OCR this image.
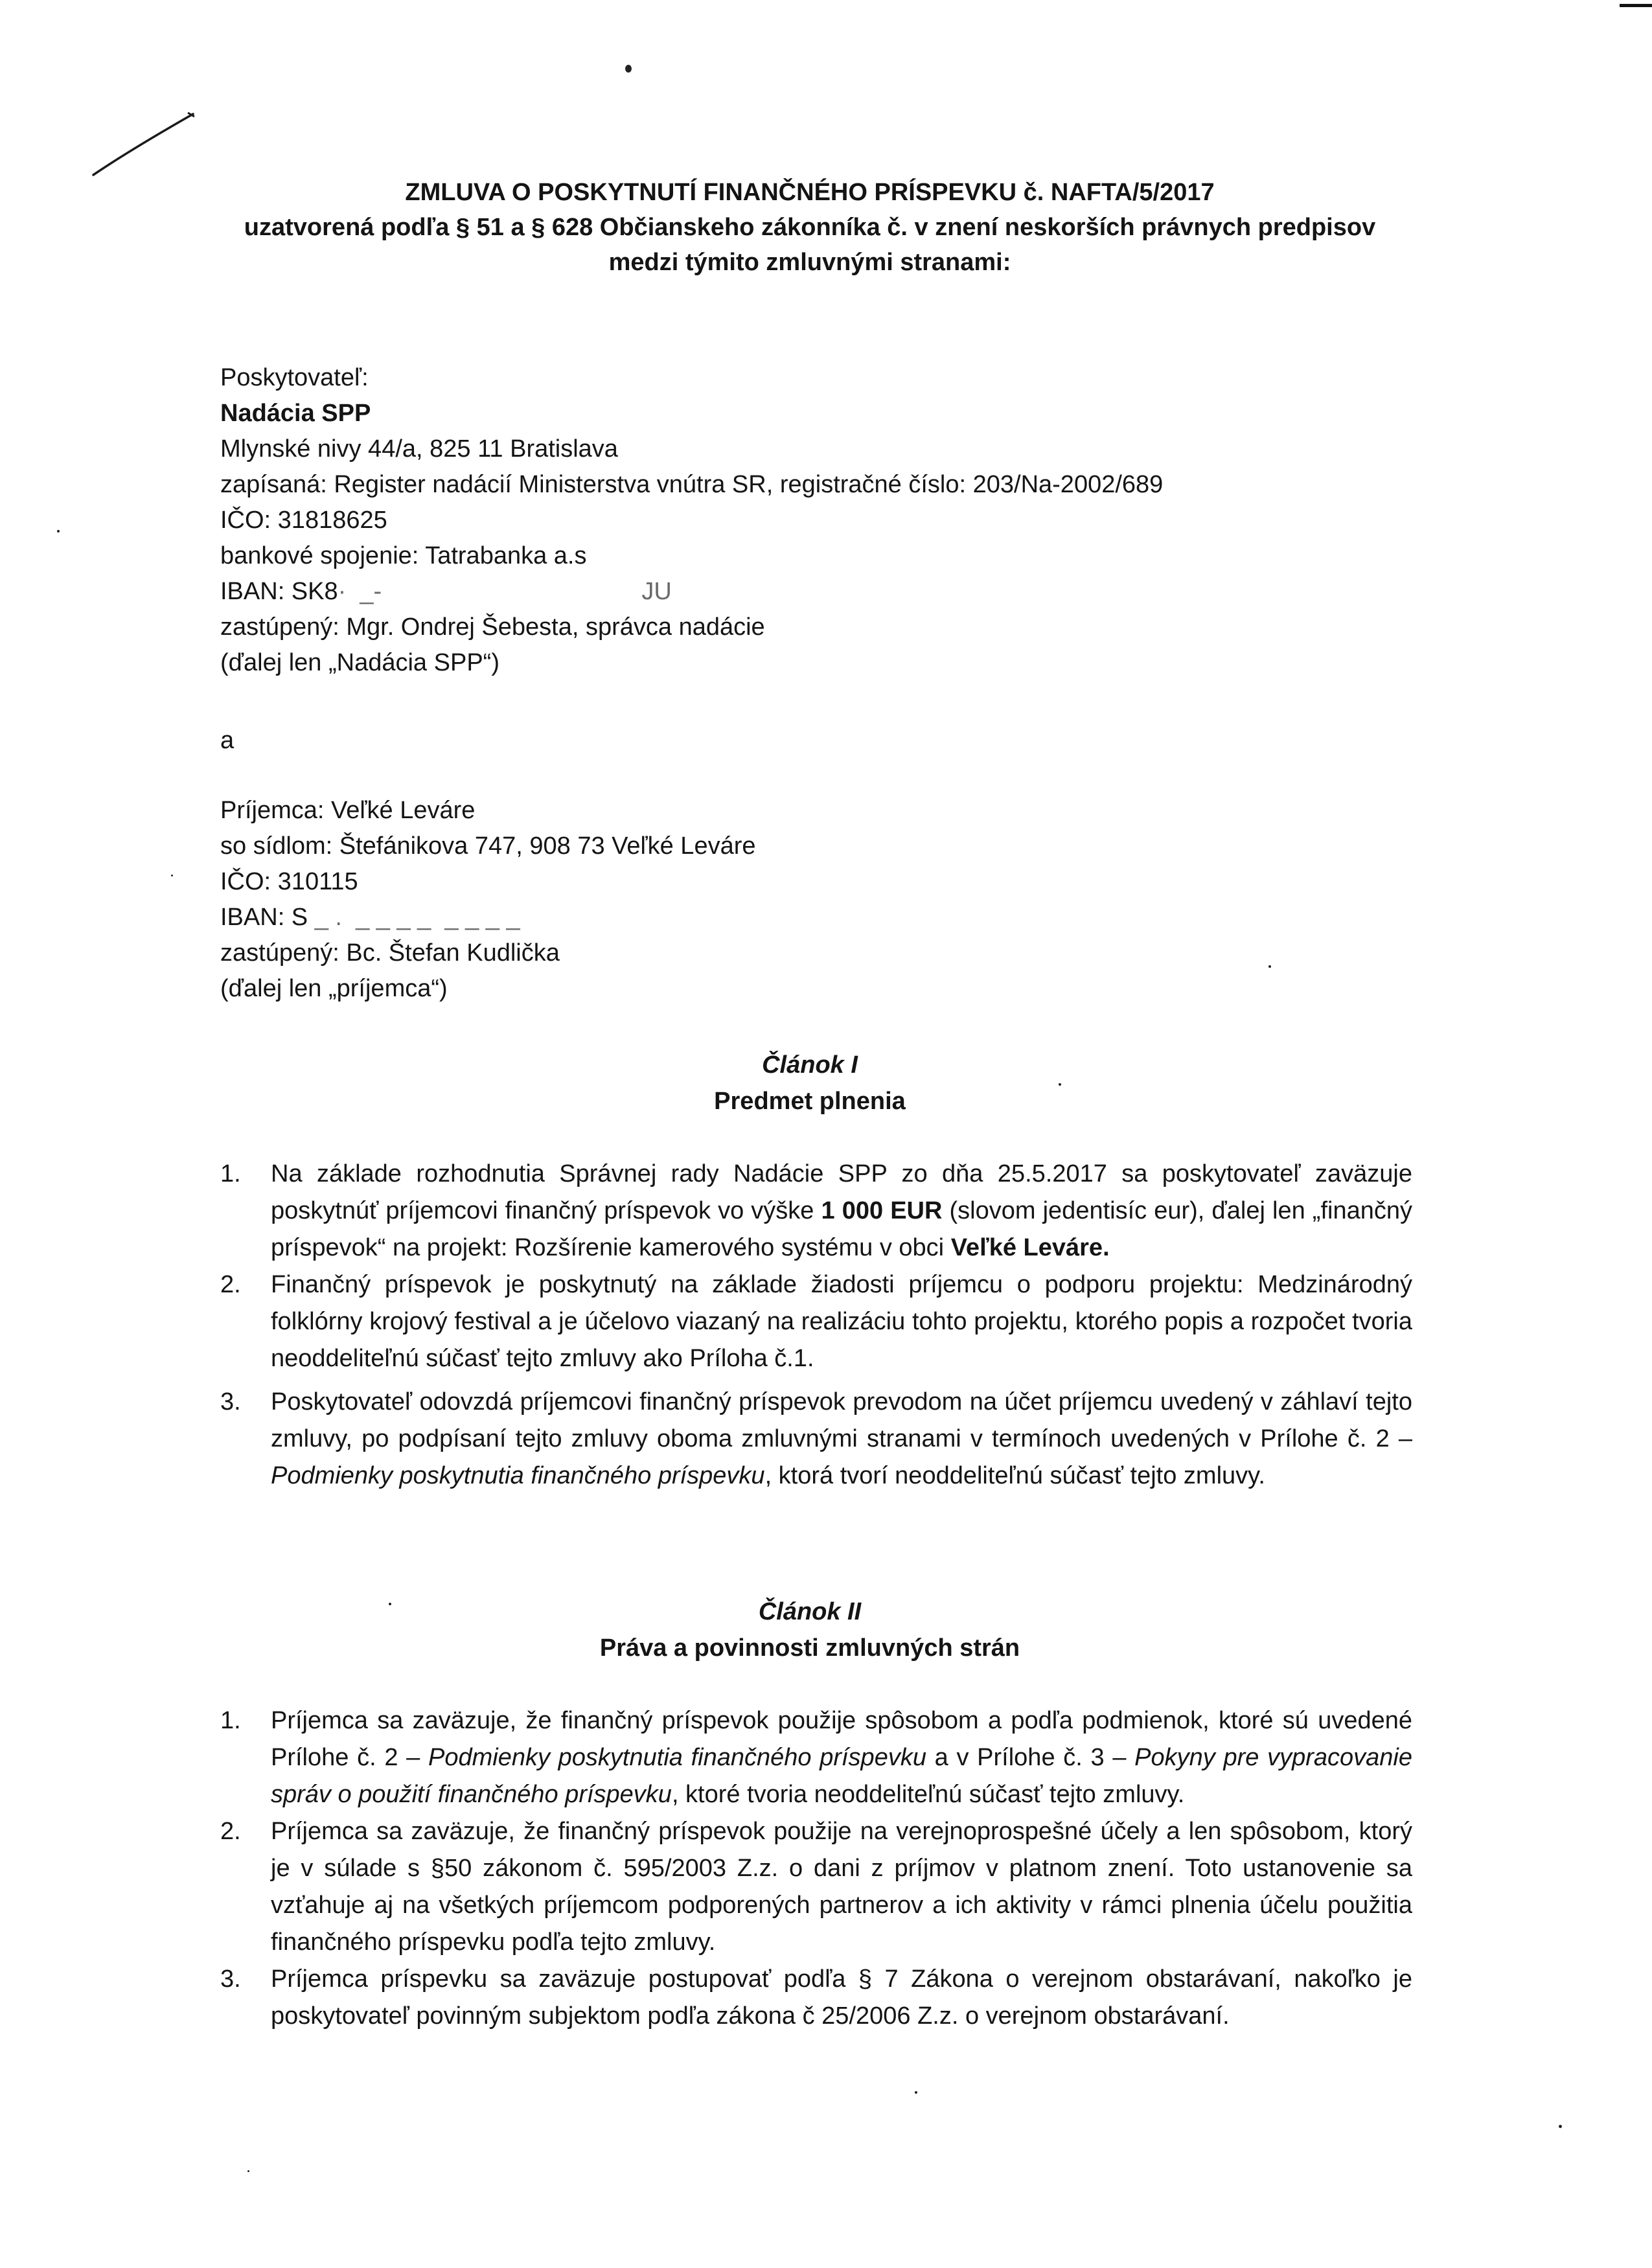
ZMLUVA O POSKYTNUTÍ FINANČNÉHO PRÍSPEVKU č. NAFTA/5/2017
uzatvorená podľa § 51 a § 628 Občianskeho zákonníka č. v znení neskorších právnych predpisov
medzi týmito zmluvnými stranami:
Poskytovateľ:
Nadácia SPP
Mlynské nivy 44/a, 825 11 Bratislava
zapísaná: Register nadácií Ministerstva vnútra SR, registračné číslo: 203/Na-2002/689
IČO: 31818625
bankové spojenie: Tatrabanka a.s
IBAN: SK8·  _-                                      JU
zastúpený: Mgr. Ondrej Šebesta, správca nadácie
(ďalej len „Nadácia SPP“)
a
Príjemca: Veľké Leváre
so sídlom: Štefánikova 747, 908 73 Veľké Leváre
IČO: 310115
IBAN: S _ .  _ _ _ _  _ _ _ _
zastúpený: Bc. Štefan Kudlička
(ďalej len „príjemca“)
Článok I
Predmet plnenia
1. Na základe rozhodnutia Správnej rady Nadácie SPP zo dňa 25.5.2017 sa poskytovateľ zaväzuje poskytnúť príjemcovi finančný príspevok vo výške 1 000 EUR (slovom jedentisíc eur), ďalej len „finančný príspevok“ na projekt: Rozšírenie kamerového systému v obci Veľké Leváre.
2. Finančný príspevok je poskytnutý na základe žiadosti príjemcu o podporu projektu: Medzinárodný folklórny krojový festival a je účelovo viazaný na realizáciu tohto projektu, ktorého popis a rozpočet tvoria neoddeliteľnú súčasť tejto zmluvy ako Príloha č.1.
3. Poskytovateľ odovzdá príjemcovi finančný príspevok prevodom na účet príjemcu uvedený v záhlaví tejto zmluvy, po podpísaní tejto zmluvy oboma zmluvnými stranami v termínoch uvedených v Prílohe č. 2 – Podmienky poskytnutia finančného príspevku, ktorá tvorí neoddeliteľnú súčasť tejto zmluvy.
Článok II
Práva a povinnosti zmluvných strán
1. Príjemca sa zaväzuje, že finančný príspevok použije spôsobom a podľa podmienok, ktoré sú uvedené Prílohe č. 2 – Podmienky poskytnutia finančného príspevku a v Prílohe č. 3 – Pokyny pre vypracovanie správ o použití finančného príspevku, ktoré tvoria neoddeliteľnú súčasť tejto zmluvy.
2. Príjemca sa zaväzuje, že finančný príspevok použije na verejnoprospešné účely a len spôsobom, ktorý je v súlade s §50 zákonom č. 595/2003 Z.z. o dani z príjmov v platnom znení. Toto ustanovenie sa vzťahuje aj na všetkých príjemcom podporených partnerov a ich aktivity v rámci plnenia účelu použitia finančného príspevku podľa tejto zmluvy.
3. Príjemca príspevku sa zaväzuje postupovať podľa § 7 Zákona o verejnom obstarávaní, nakoľko je poskytovateľ povinným subjektom podľa zákona č 25/2006 Z.z. o verejnom obstarávaní.
